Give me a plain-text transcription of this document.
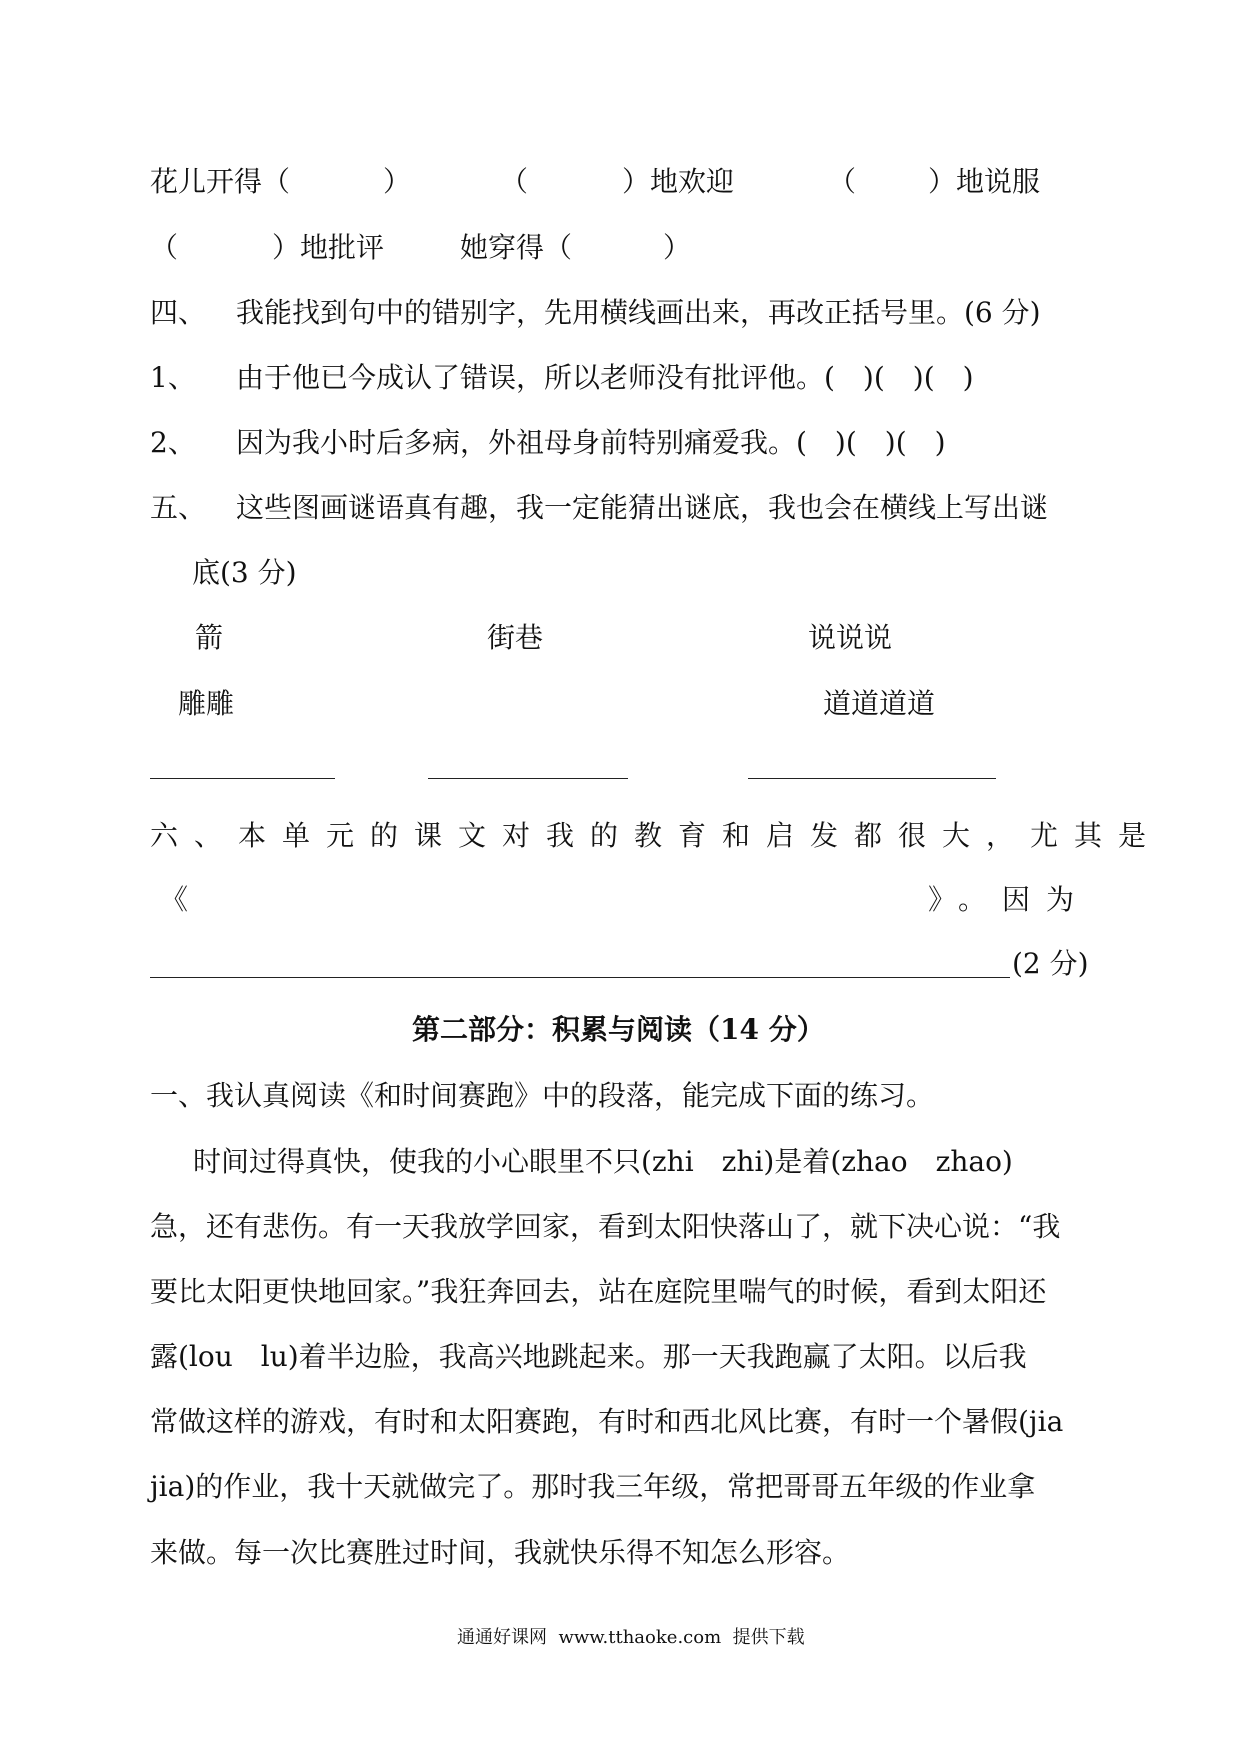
花儿开得（	）	（	）地欢迎	（	）地说服
（	）地批评	她穿得（	）
四、 我能找到句中的错别字，先用横线画出来，再改正括号里。(6 分)
1、 由于他已今成认了错误，所以老师没有批评他。(　)(　)(　)
2、 因为我小时后多病，外祖母身前特别痛爱我。(　)(　)(　)
五、 这些图画谜语真有趣，我一定能猜出谜底，我也会在横线上写出谜
底(3 分)
箭	街巷	说说说
雕雕	道道道道
六、本单元的课文对我的教育和启发都很大，尤其是
《	》。因为
(2 分)
第二部分：积累与阅读（14 分）
一、我认真阅读《和时间赛跑》中的段落，能完成下面的练习。
　时间过得真快，使我的小心眼里不只(zhi　zhi)是着(zhao　zhao)
急，还有悲伤。有一天我放学回家，看到太阳快落山了，就下决心说：“我
要比太阳更快地回家。”我狂奔回去，站在庭院里喘气的时候，看到太阳还
露(lou　lu)着半边脸，我高兴地跳起来。那一天我跑赢了太阳。以后我
常做这样的游戏，有时和太阳赛跑，有时和西北风比赛，有时一个暑假(jia
jia)的作业，我十天就做完了。那时我三年级，常把哥哥五年级的作业拿
来做。每一次比赛胜过时间，我就快乐得不知怎么形容。
通通好课网  www.tthaoke.com  提供下载
